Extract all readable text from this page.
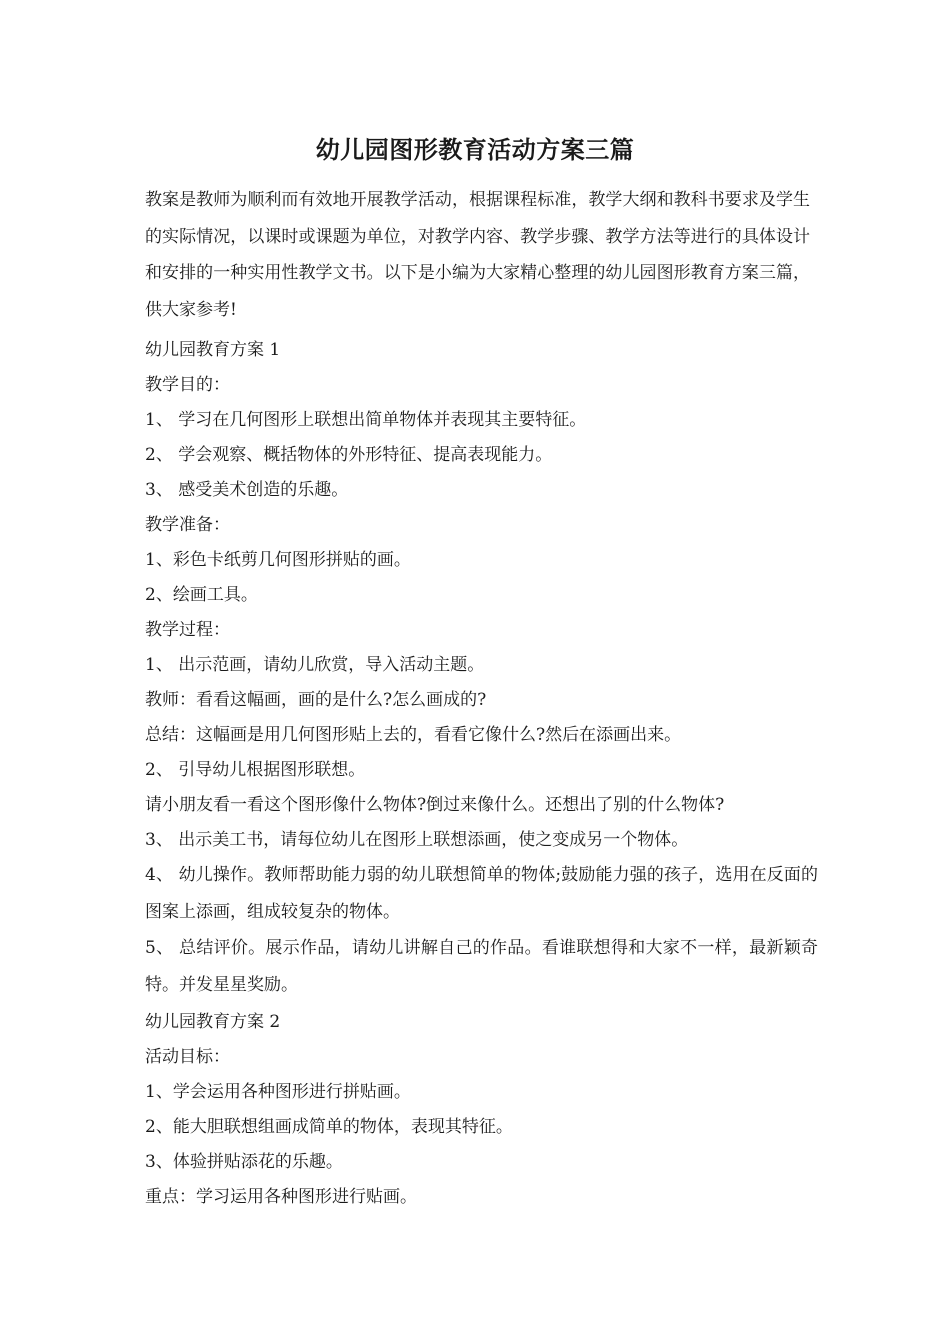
幼儿园图形教育活动方案三篇
教案是教师为顺利而有效地开展教学活动，根据课程标准，教学大纲和教科书要求及学生的实际情况，以课时或课题为单位，对教学内容、教学步骤、教学方法等进行的具体设计和安排的一种实用性教学文书。以下是小编为大家精心整理的幼儿园图形教育方案三篇，供大家参考!
幼儿园教育方案 1
教学目的：
1、 学习在几何图形上联想出简单物体并表现其主要特征。
2、 学会观察、概括物体的外形特征、提高表现能力。
3、 感受美术创造的乐趣。
教学准备：
1、彩色卡纸剪几何图形拼贴的画。
2、绘画工具。
教学过程：
1、 出示范画，请幼儿欣赏，导入活动主题。
教师：看看这幅画，画的是什么?怎么画成的?
总结：这幅画是用几何图形贴上去的，看看它像什么?然后在添画出来。
2、 引导幼儿根据图形联想。
请小朋友看一看这个图形像什么物体?倒过来像什么。还想出了别的什么物体?
3、 出示美工书，请每位幼儿在图形上联想添画，使之变成另一个物体。
4、 幼儿操作。教师帮助能力弱的幼儿联想简单的物体;鼓励能力强的孩子，选用在反面的图案上添画，组成较复杂的物体。
5、 总结评价。展示作品，请幼儿讲解自己的作品。看谁联想得和大家不一样，最新颖奇特。并发星星奖励。
幼儿园教育方案 2
活动目标：
1、学会运用各种图形进行拼贴画。
2、能大胆联想组画成简单的物体，表现其特征。
3、体验拼贴添花的乐趣。
重点：学习运用各种图形进行贴画。
